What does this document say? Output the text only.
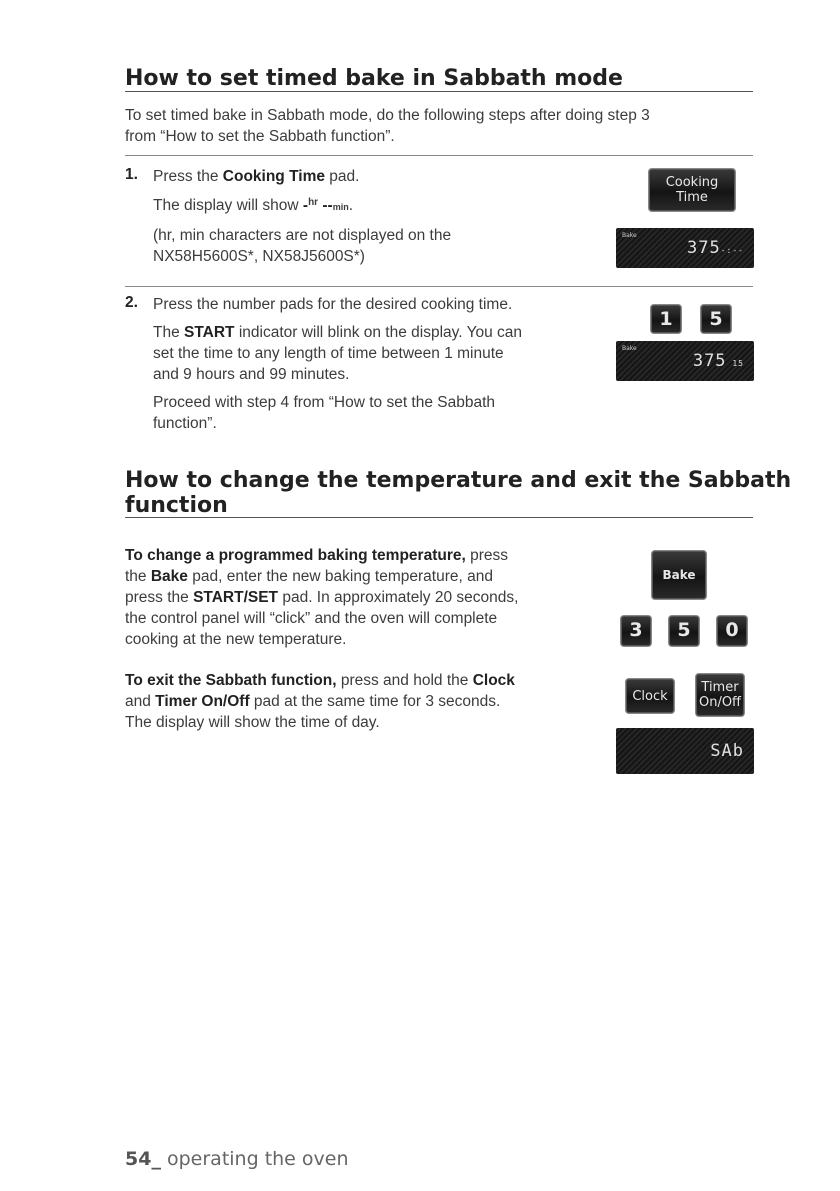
How to set timed bake in Sabbath mode
To set timed bake in Sabbath mode, do the following steps after doing step 3
from “How to set the Sabbath function”.
1. Press the Cooking Time pad.
The display will show -$^{hr}$ --min.
(hr, min characters are not displayed on the
NX58H5600S*, NX58J5600S*)
2. Press the number pads for the desired cooking time.
The START indicator will blink on the display. You can
set the time to any length of time between 1 minute
and 9 hours and 99 minutes.
Proceed with step 4 from “How to set the Sabbath
function”.
Cooking
Time
Bake
375-:--
1	5
Bake
375 15
How to change the temperature and exit the Sabbath
function
To change a programmed baking temperature, press
the Bake pad, enter the new baking temperature, and
press the START/SET pad. In approximately 20 seconds,
the control panel will “click” and the oven will complete
cooking at the new temperature.
To exit the Sabbath function, press and hold the Clock
and Timer On/Off pad at the same time for 3 seconds.
The display will show the time of day.
Bake
3	5	0
Clock
Timer
On/Off
SAb
54_ operating the oven
